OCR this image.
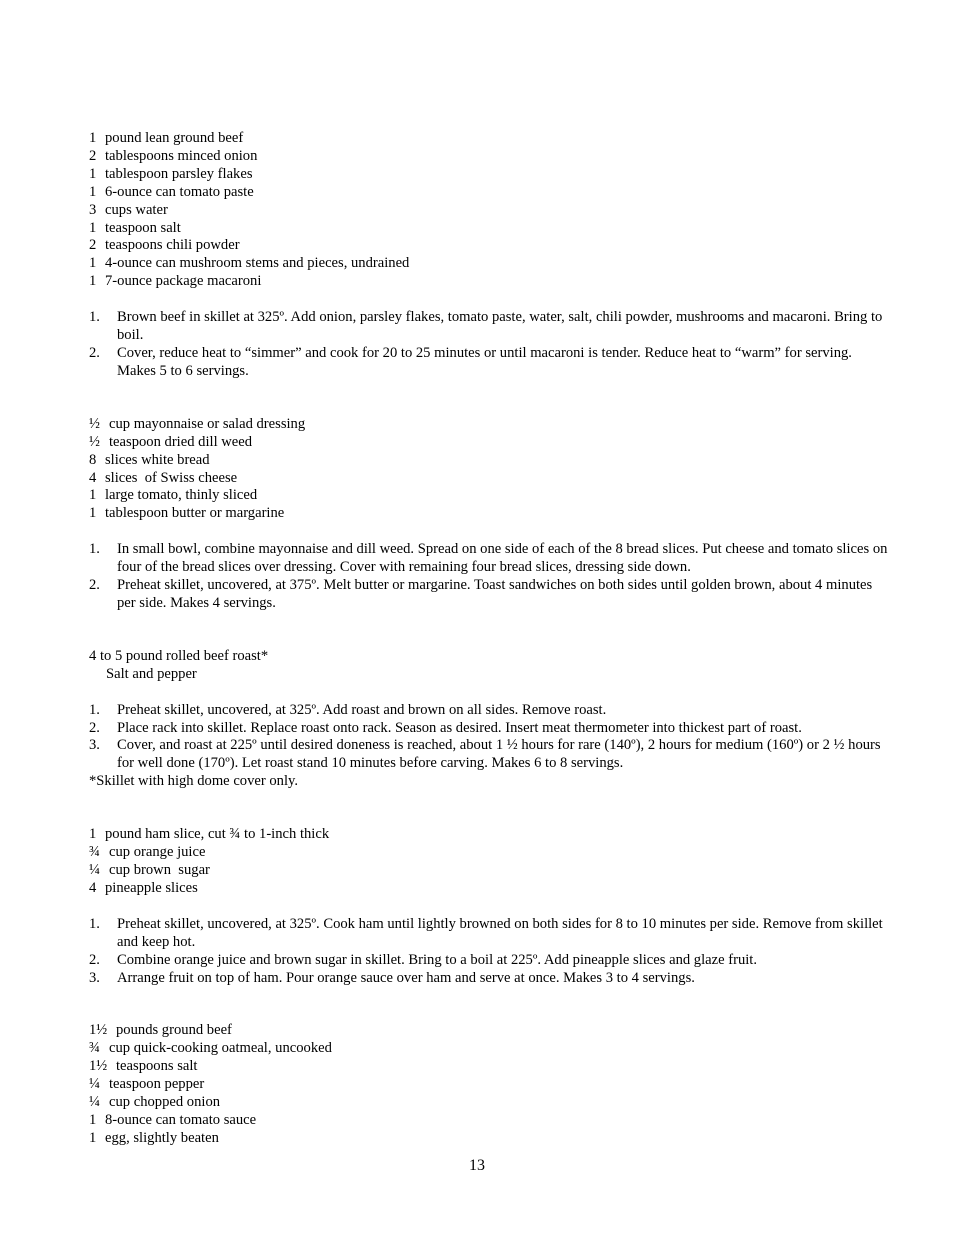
1 pound lean ground beef
2 tablespoons minced onion
1 tablespoon parsley flakes
1 6-ounce can tomato paste
3 cups water
1 teaspoon salt
2 teaspoons chili powder
1 4-ounce can mushroom stems and pieces, undrained
1 7-ounce package macaroni
1.	Brown beef in skillet at 325º. Add onion, parsley flakes, tomato paste, water, salt, chili powder, mushrooms and macaroni. Bring to boil.
2.	Cover, reduce heat to “simmer” and cook for 20 to 25 minutes or until macaroni is tender. Reduce heat to “warm” for serving. Makes 5 to 6 servings.
½ cup mayonnaise or salad dressing
½ teaspoon dried dill weed
8 slices white bread
4 slices  of Swiss cheese
1 large tomato, thinly sliced
1 tablespoon butter or margarine
1.	In small bowl, combine mayonnaise and dill weed. Spread on one side of each of the 8 bread slices. Put cheese and tomato slices on four of the bread slices over dressing. Cover with remaining four bread slices, dressing side down.
2.	Preheat skillet, uncovered, at 375º. Melt butter or margarine. Toast sandwiches on both sides until golden brown, about 4 minutes per side. Makes 4 servings.
4 to 5 pound rolled beef roast*
Salt and pepper
1.	Preheat skillet, uncovered, at 325º. Add roast and brown on all sides. Remove roast.
2.	Place rack into skillet. Replace roast onto rack. Season as desired. Insert meat thermometer into thickest part of roast.
3.	Cover, and roast at 225º until desired doneness is reached, about 1 ½ hours for rare (140º), 2 hours for medium (160º) or 2 ½ hours for well done (170º). Let roast stand 10 minutes before carving. Makes 6 to 8 servings.
*Skillet with high dome cover only.
1 pound ham slice, cut ¾ to 1-inch thick
¾ cup orange juice
¼ cup brown  sugar
4 pineapple slices
1.	Preheat skillet, uncovered, at 325º. Cook ham until lightly browned on both sides for 8 to 10 minutes per side. Remove from skillet and keep hot.
2.	Combine orange juice and brown sugar in skillet. Bring to a boil at 225º. Add pineapple slices and glaze fruit.
3.	Arrange fruit on top of ham. Pour orange sauce over ham and serve at once. Makes 3 to 4 servings.
1½ pounds ground beef
¾ cup quick-cooking oatmeal, uncooked
1½ teaspoons salt
¼ teaspoon pepper
¼ cup chopped onion
1 8-ounce can tomato sauce
1 egg, slightly beaten
13
